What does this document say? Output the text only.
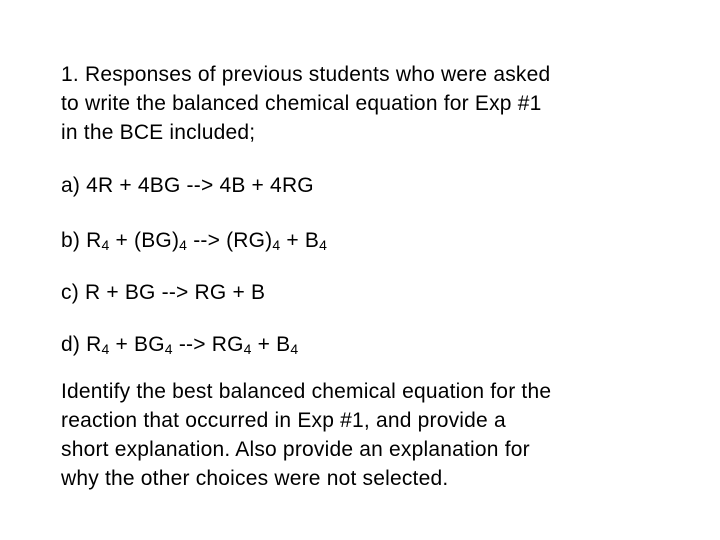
1. Responses of previous students who were asked
to write the balanced chemical equation for Exp #1
in the BCE included;
a) 4R + 4BG --> 4B + 4RG
b) $R_4 + (BG)_4$ --> $(RG)_4 + B_4$
c) R + BG --> RG + B
d) $R_4 + BG_4$ --> $RG_4 + B_4$
Identify the best balanced chemical equation for the
reaction that occurred in Exp #1, and provide a
short explanation. Also provide an explanation for
why the other choices were not selected.
